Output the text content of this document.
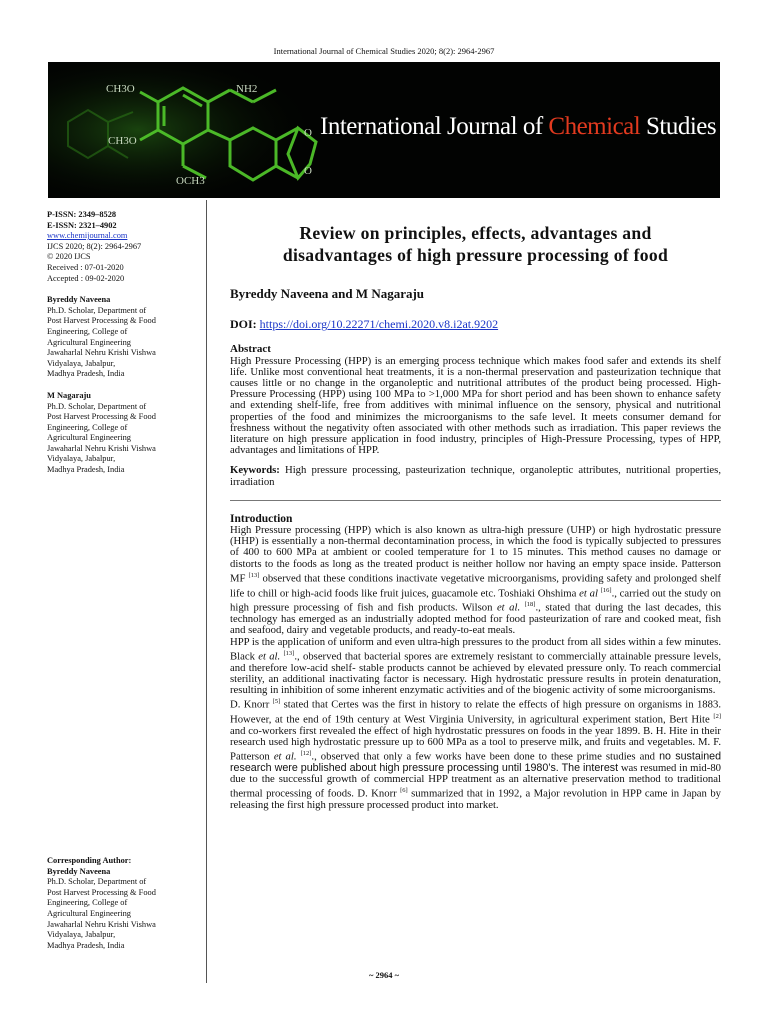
International Journal of Chemical Studies 2020; 8(2): 2964-2967
CH3O
CH3O
NH2
O
O
OCH3
International Journal of Chemical Studies
P-ISSN: 2349–8528
E-ISSN: 2321–4902
www.chemijournal.com
IJCS 2020; 8(2): 2964-2967
© 2020 IJCS
Received : 07-01-2020
Accepted : 09-02-2020
Byreddy Naveena
Ph.D. Scholar, Department of
Post Harvest Processing & Food
Engineering, College of
Agricultural Engineering
Jawaharlal Nehru Krishi Vishwa
Vidyalaya, Jabalpur,
Madhya Pradesh, India
M Nagaraju
Ph.D. Scholar, Department of
Post Harvest Processing & Food
Engineering, College of
Agricultural Engineering
Jawaharlal Nehru Krishi Vishwa
Vidyalaya, Jabalpur,
Madhya Pradesh, India
Corresponding Author:
Byreddy Naveena
Ph.D. Scholar, Department of
Post Harvest Processing & Food
Engineering, College of
Agricultural Engineering
Jawaharlal Nehru Krishi Vishwa
Vidyalaya, Jabalpur,
Madhya Pradesh, India
Review on principles, effects, advantages and
disadvantages of high pressure processing of food
Byreddy Naveena and M Nagaraju
DOI: https://doi.org/10.22271/chemi.2020.v8.i2at.9202
Abstract

High Pressure Processing (HPP) is an emerging process technique which makes food safer and extends its shelf life. Unlike most conventional heat treatments, it is a non-thermal preservation and pasteurization technique that causes little or no change in the organoleptic and nutritional attributes of the product being processed. High-Pressure Processing (HPP) using 100 MPa to >1,000 MPa for short period and has been shown to enhance safety and extending shelf-life, free from additives with minimal influence on the sensory, physical and nutritional properties of the food and minimizes the microorganisms to the safe level. It meets consumer demand for freshness without the negativity often associated with other methods such as irradiation. This paper reviews the literature on high pressure application in food industry, principles of High-Pressure Processing, types of HPP, advantages and limitations of HPP.

Keywords: High pressure processing, pasteurization technique, organoleptic attributes, nutritional properties, irradiation
Introduction

High Pressure processing (HPP) which is also known as ultra-high pressure (UHP) or high hydrostatic pressure (HHP) is essentially a non-thermal decontamination process, in which the food is typically subjected to pressures of 400 to 600 MPa at ambient or cooled temperature for 1 to 15 minutes. This method causes no damage or distorts to the foods as long as the treated product is neither hollow nor having an empty space inside. Patterson MF [13] observed that these conditions inactivate vegetative microorganisms, providing safety and prolonged shelf life to chill or high-acid foods like fruit juices, guacamole etc. Toshiaki Ohshima et al [16]., carried out the study on high pressure processing of fish and fish products. Wilson et al. [18]., stated that during the last decades, this technology has emerged as an industrially adopted method for food pasteurization of rare and cooked meat, fish and seafood, dairy and vegetable products, and ready-to-eat meals.

HPP is the application of uniform and even ultra-high pressures to the product from all sides within a few minutes. Black et al. [13]., observed that bacterial spores are extremely resistant to commercially attainable pressure levels, and therefore low-acid shelf- stable products cannot be achieved by elevated pressure only. To reach commercial sterility, an additional inactivating factor is necessary. High hydrostatic pressure results in protein denaturation, resulting in inhibition of some inherent enzymatic activities and of the biogenic activity of some microorganisms.

D. Knorr [5] stated that Certes was the first in history to relate the effects of high pressure on organisms in 1883. However, at the end of 19th century at West Virginia University, in agricultural experiment station, Bert Hite [2] and co-workers first revealed the effect of high hydrostatic pressures on foods in the year 1899. B. H. Hite in their research used high hydrostatic pressure up to 600 MPa as a tool to preserve milk, and fruits and vegetables. M. F. Patterson et al. [12]., observed that only a few works have been done to these prime studies and no sustained research were published about high pressure processing until 1980’s. The interest was resumed in mid-80 due to the successful growth of commercial HPP treatment as an alternative preservation method to traditional thermal processing of foods. D. Knorr [6] summarized that in 1992, a Major revolution in HPP came in Japan by releasing the first high pressure processed product into market.

~ 2964 ~
